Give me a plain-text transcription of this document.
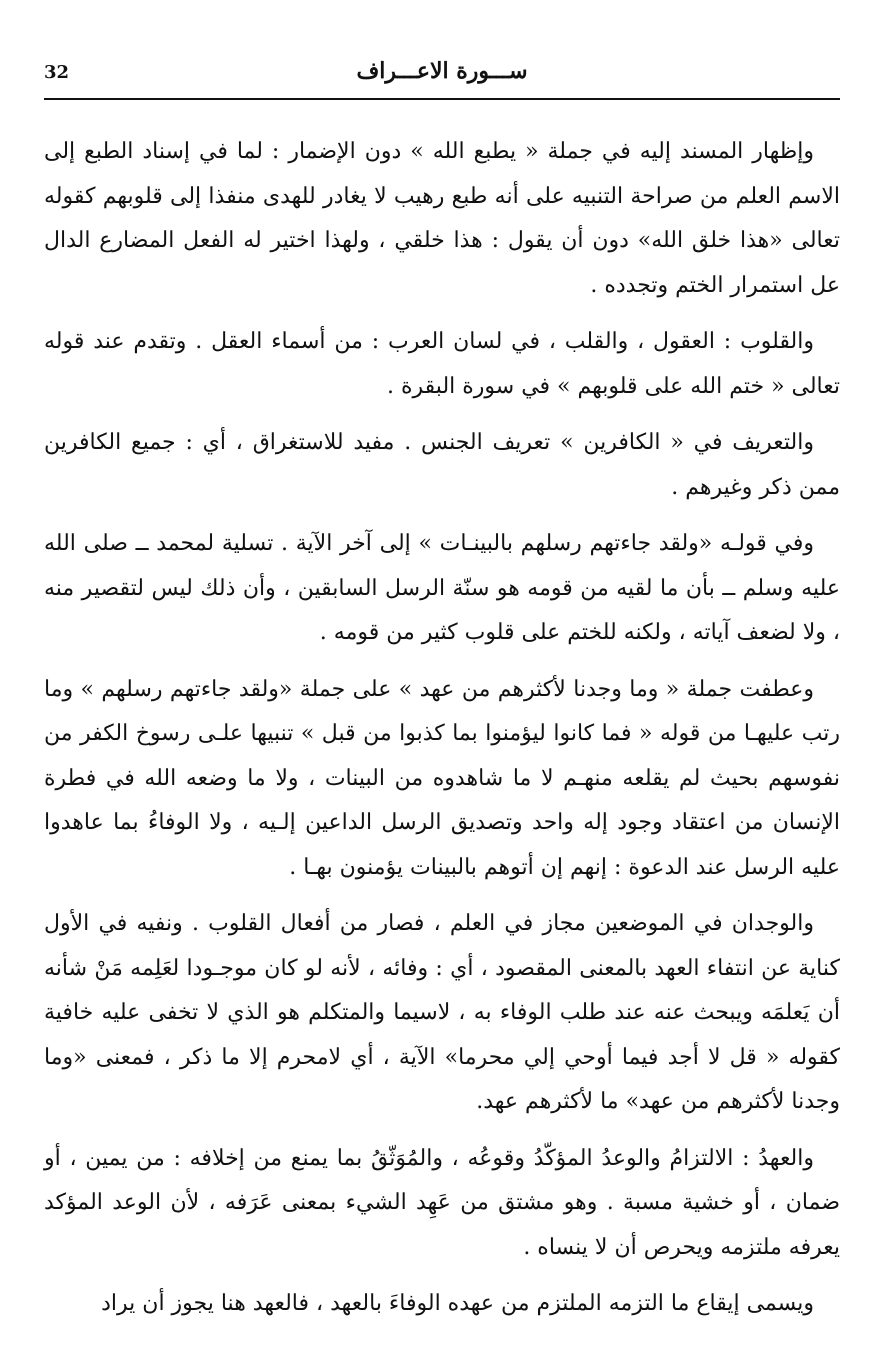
32	ســـورة الاعـــراف

وإظهار المسند إليه في جملة « يطبع الله » دون الإضمار : لما في إسناد الطبع إلى الاسم العلم من صراحة التنبيه على أنه طبع رهيب لا يغادر للهدى منفذا إلى قلوبهم كقوله تعالى «هذا خلق الله» دون أن يقول : هذا خلقي ، ولهذا اختير له الفعل المضارع الدال عل استمرار الختم وتجدده .

والقلوب : العقول ، والقلب ، في لسان العرب : من أسماء العقل . وتقدم عند قوله تعالى « ختم الله على قلوبهم » في سورة البقرة .

والتعريف في « الكافرين » تعريف الجنس . مفيد للاستغراق ، أي : جميع الكافرين ممن ذكر وغيرهم .

وفي قولـه «ولقد جاءتهم رسلهم بالبينـات » إلى آخر الآية . تسلية لمحمد ــ صلى الله عليه وسلم ــ بأن ما لقيه من قومه هو سنّة الرسل السابقين ، وأن ذلك ليس لتقصير منه ، ولا لضعف آياته ، ولكنه للختم على قلوب كثير من قومه .

وعطفت جملة « وما وجدنا لأكثرهم من عهد » على جملة «ولقد جاءتهم رسلهم » وما رتب عليهـا من قوله « فما كانوا ليؤمنوا بما كذبوا من قبل » تنبيها علـى رسوخ الكفر من نفوسهم بحيث لم يقلعه منهـم لا ما شاهدوه من البينات ، ولا ما وضعه الله في فطرة الإنسان من اعتقاد وجود إله واحد وتصديق الرسل الداعين إلـيه ، ولا الوفاءُ بما عاهدوا عليه الرسل عند الدعوة : إنهم إن أتوهم بالبينات يؤمنون بهـا .

والوجدان في الموضعين مجاز في العلم ، فصار من أفعال القلوب . ونفيه في الأول كناية عن انتفاء العهد بالمعنى المقصود ، أي : وفائه ، لأنه لو كان موجـودا لعَلِمه مَنْ شأنه أن يَعلمَه ويبحث عنه عند طلب الوفاء به ، لاسيما والمتكلم هو الذي لا تخفى عليه خافية كقوله « قل لا أجد فيما أوحي إلي محرما» الآية ، أي لامحرم إلا ما ذكر ، فمعنى «وما وجدنا لأكثرهم من عهد» ما لأكثرهم عهد.

والعهدُ : الالتزامُ والوعدُ المؤكّدُ وقوعُه ، والمُوَثّقُ بما يمنع من إخلافه : من يمين ، أو ضمان ، أو خشية مسبة . وهو مشتق من عَهِد الشيء بمعنى عَرَفه ، لأن الوعد المؤكد يعرفه ملتزمه ويحرص أن لا ينساه .

ويسمى إيقاع ما التزمه الملتزم من عهده الوفاءَ بالعهد ، فالعهد هنا يجوز أن يراد
